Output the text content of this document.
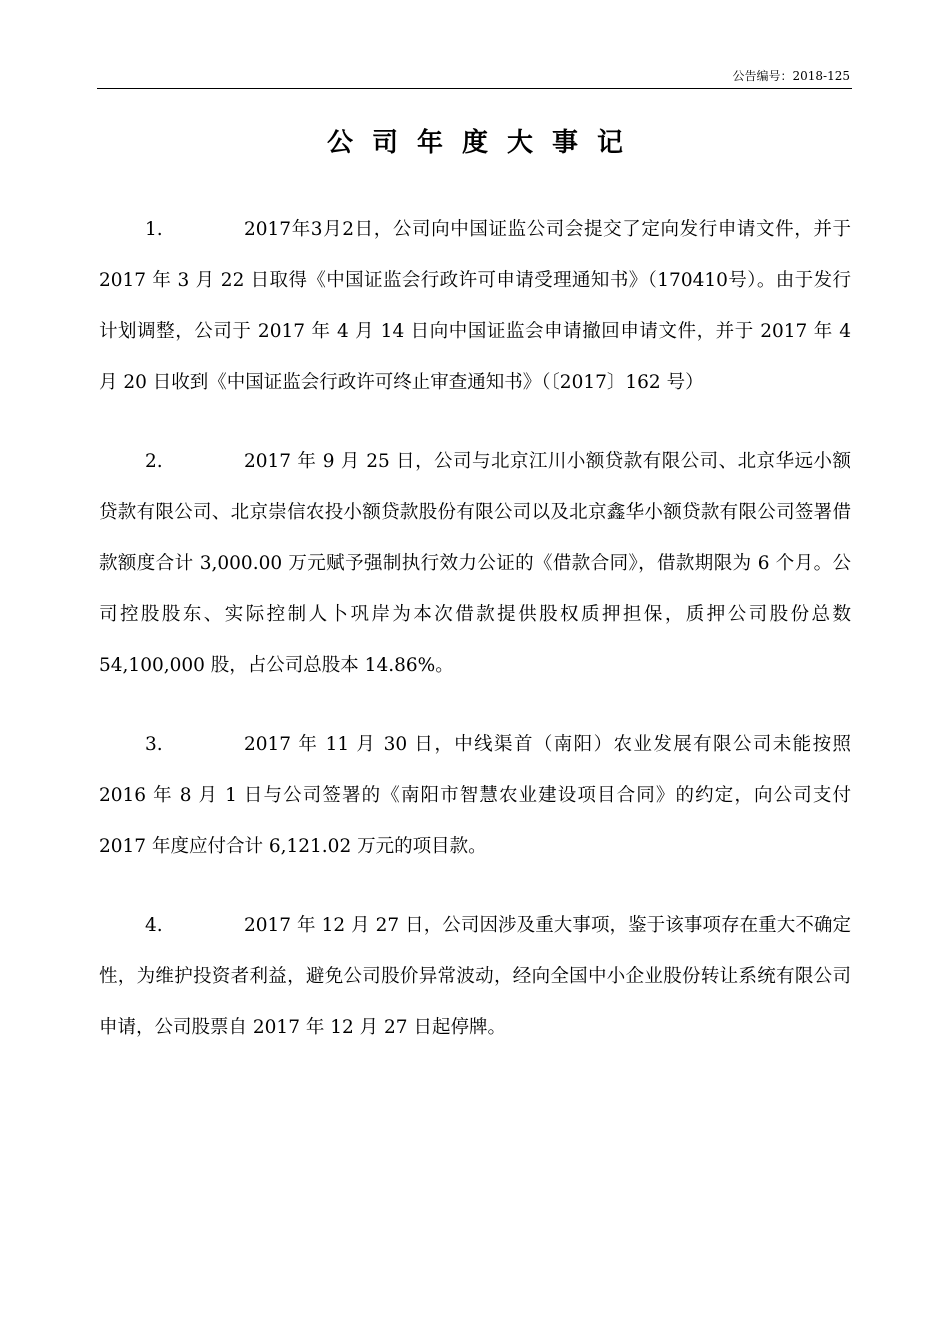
公告编号：2018-125
公司年度大事记

1.	2017年3月2日，公司向中国证监公司会提交了定向发行申请文件，并于 2017 年 3 月 22 日取得《中国证监会行政许可申请受理通知书》（170410号）。由于发行计划调整，公司于 2017 年 4 月 14 日向中国证监会申请撤回申请文件，并于 2017 年 4 月 20 日收到《中国证监会行政许可终止审查通知书》（〔2017〕162 号）

2.	2017 年 9 月 25 日，公司与北京江川小额贷款有限公司、北京华远小额贷款有限公司、北京崇信农投小额贷款股份有限公司以及北京鑫华小额贷款有限公司签署借款额度合计 3,000.00 万元赋予强制执行效力公证的《借款合同》，借款期限为 6 个月。公司控股股东、实际控制人卜巩岸为本次借款提供股权质押担保，质押公司股份总数 54,100,000 股，占公司总股本 14.86%。

3.	2017 年 11 月 30 日，中线渠首（南阳）农业发展有限公司未能按照2016 年 8 月 1 日与公司签署的《南阳市智慧农业建设项目合同》的约定，向公司支付 2017 年度应付合计 6,121.02 万元的项目款。

4.	2017 年 12 月 27 日，公司因涉及重大事项，鉴于该事项存在重大不确定性，为维护投资者利益，避免公司股价异常波动，经向全国中小企业股份转让系统有限公司申请，公司股票自 2017 年 12 月 27 日起停牌。
